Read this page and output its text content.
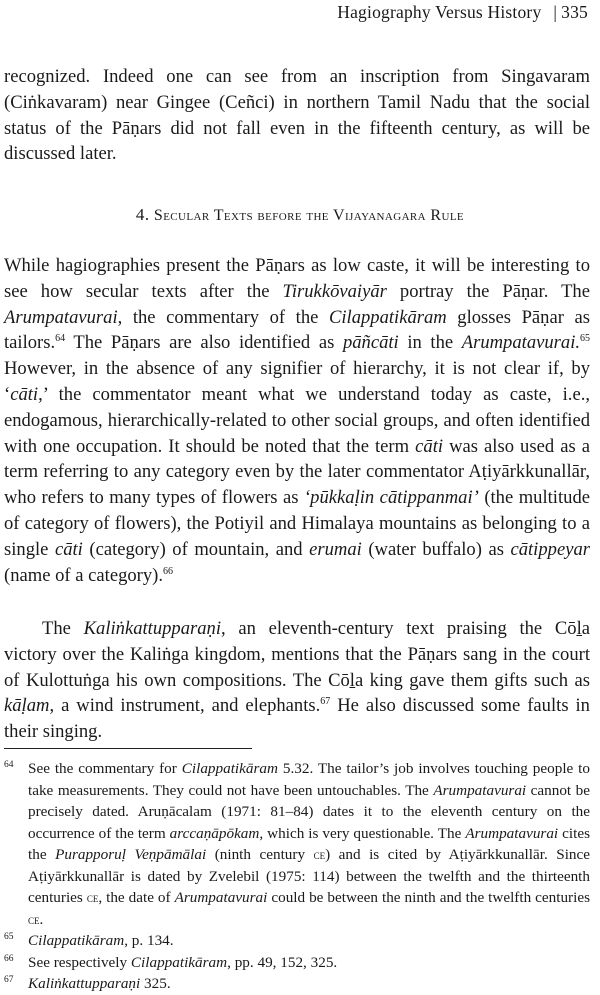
Hagiography Versus History | 335

recognized. Indeed one can see from an inscription from Singavaram (Ciṅkavaram) near Gingee (Ceñci) in northern Tamil Nadu that the social status of the Pāṇars did not fall even in the fifteenth century, as will be discussed later.

4. Secular Texts before the Vijayanagara Rule

While hagiographies present the Pāṇars as low caste, it will be interesting to see how secular texts after the Tirukkōvaiyār portray the Pāṇar. The Arumpatavurai, the commentary of the Cilappatikāram glosses Pāṇar as tailors.$^{64}$ The Pāṇars are also identified as pāñcāti in the Arumpatavurai.$^{65}$ However, in the absence of any signifier of hierarchy, it is not clear if, by ‘cāti,’ the commentator meant what we understand today as caste, i.e., endogamous, hierarchically-related to other social groups, and often identified with one occupation. It should be noted that the term cāti was also used as a term referring to any category even by the later commentator Aṭiyārkkunallār, who refers to many types of flowers as ‘pūkkaḷin cātippanmai’ (the multitude of category of flowers), the Potiyil and Himalaya mountains as belonging to a single cāti (category) of mountain, and erumai (water buffalo) as cātippeyar (name of a category).$^{66}$

The Kaliṅkattupparaṇi, an eleventh-century text praising the Cōḻa victory over the Kaliṅga kingdom, mentions that the Pāṇars sang in the court of Kulottuṅga his own compositions. The Cōḻa king gave them gifts such as kāḷam, a wind instrument, and elephants.$^{67}$ He also discussed some faults in their singing.

64 See the commentary for Cilappatikāram 5.32. The tailor’s job involves touching people to take measurements. They could not have been untouchables. The Arumpatavurai cannot be precisely dated. Aruṇācalam (1971: 81–84) dates it to the eleventh century on the occurrence of the term arccaṇāpōkam, which is very questionable. The Arumpatavurai cites the Purapporuḷ Veṇpāmālai (ninth century ce) and is cited by Aṭiyārkkunallār. Since Aṭiyārkkunallār is dated by Zvelebil (1975: 114) between the twelfth and the thirteenth centuries ce, the date of Arumpatavurai could be between the ninth and the twelfth centuries ce.
65 Cilappatikāram, p. 134.
66 See respectively Cilappatikāram, pp. 49, 152, 325.
67 Kaliṅkattupparaṇi 325.
